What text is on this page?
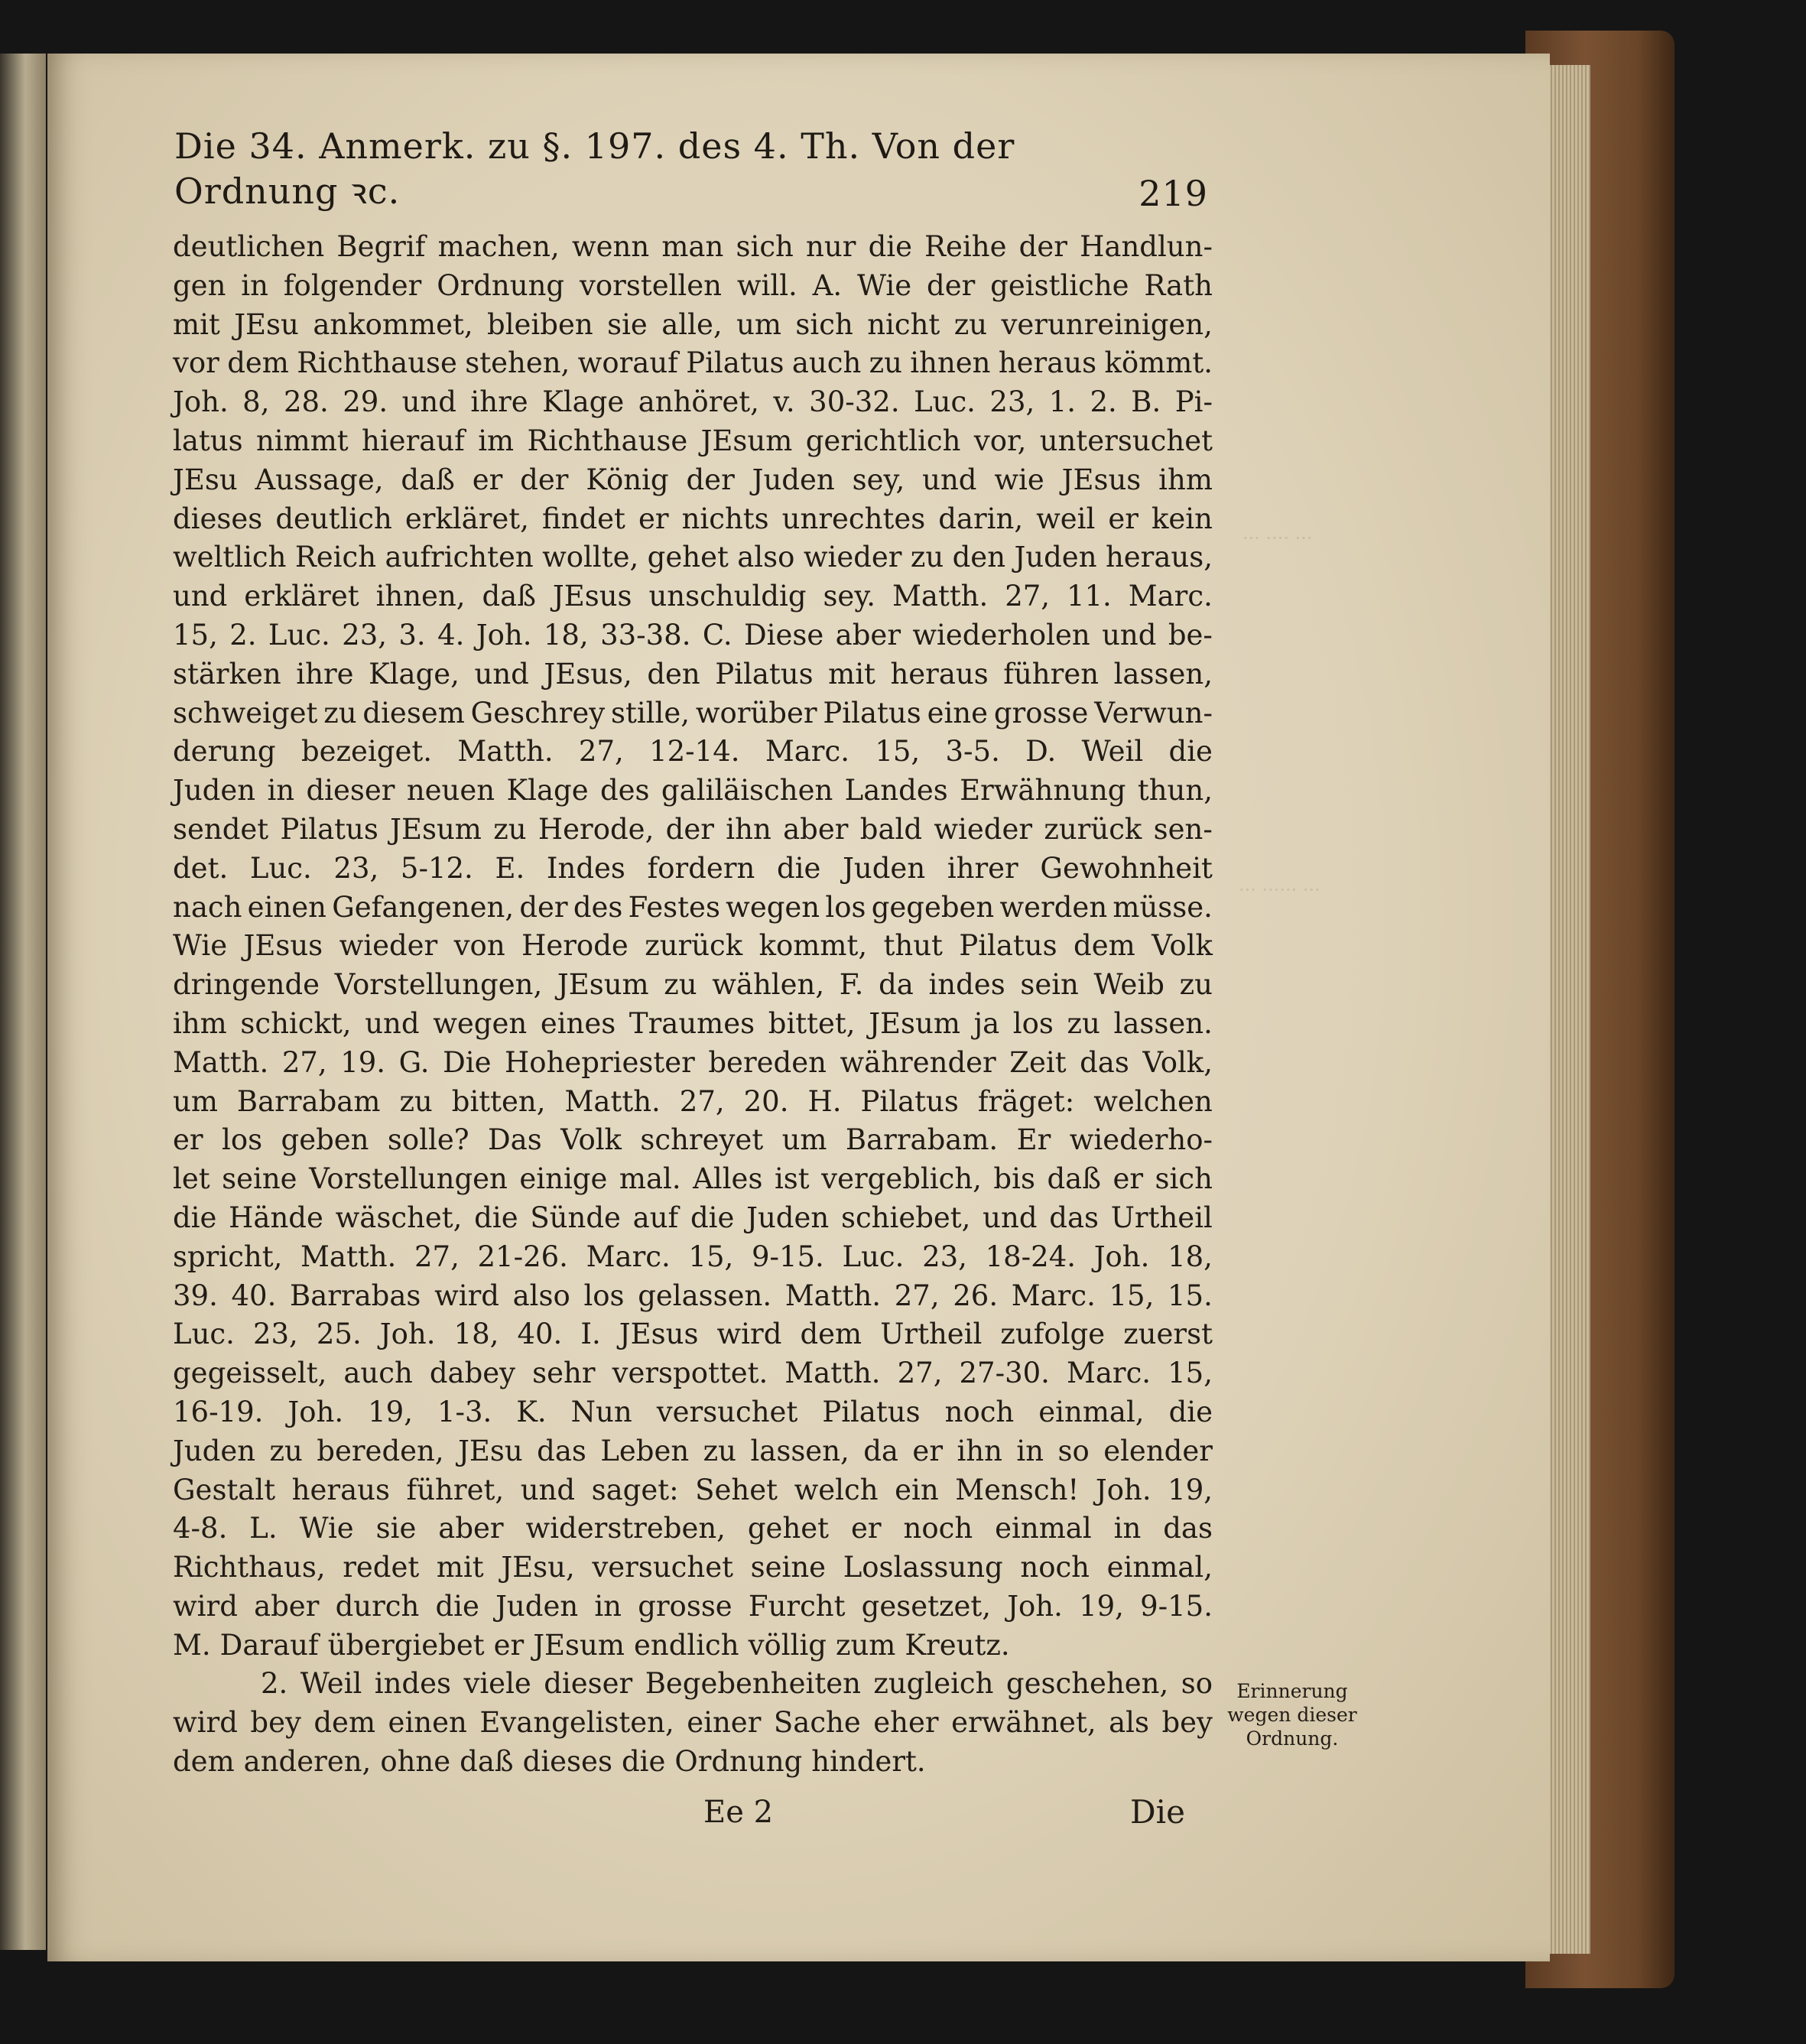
··· ···· ···
··· ······ ···
Die 34. Anmerk. zu §. 197. des 4. Th. Von der Ordnung ꝛc.	219
deutlichen Begrif machen, wenn man sich nur die Reihe der Handlun-
gen in folgender Ordnung vorstellen will. A. Wie der geistliche Rath
mit JEsu ankommet, bleiben sie alle, um sich nicht zu verunreinigen,
vor dem Richthause stehen, worauf Pilatus auch zu ihnen heraus kömmt.
Joh. 8, 28. 29. und ihre Klage anhöret, v. 30-32. Luc. 23, 1. 2. B. Pi-
latus nimmt hierauf im Richthause JEsum gerichtlich vor, untersuchet
JEsu Aussage, daß er der König der Juden sey, und wie JEsus ihm
dieses deutlich erkläret, findet er nichts unrechtes darin, weil er kein
weltlich Reich aufrichten wollte, gehet also wieder zu den Juden heraus,
und erkläret ihnen, daß JEsus unschuldig sey. Matth. 27, 11. Marc.
15, 2. Luc. 23, 3. 4. Joh. 18, 33-38. C. Diese aber wiederholen und be-
stärken ihre Klage, und JEsus, den Pilatus mit heraus führen lassen,
schweiget zu diesem Geschrey stille, worüber Pilatus eine grosse Verwun-
derung bezeiget. Matth. 27, 12-14. Marc. 15, 3-5. D. Weil die
Juden in dieser neuen Klage des galiläischen Landes Erwähnung thun,
sendet Pilatus JEsum zu Herode, der ihn aber bald wieder zurück sen-
det. Luc. 23, 5-12. E. Indes fordern die Juden ihrer Gewohnheit
nach einen Gefangenen, der des Festes wegen los gegeben werden müsse.
Wie JEsus wieder von Herode zurück kommt, thut Pilatus dem Volk
dringende Vorstellungen, JEsum zu wählen, F. da indes sein Weib zu
ihm schickt, und wegen eines Traumes bittet, JEsum ja los zu lassen.
Matth. 27, 19. G. Die Hohepriester bereden währender Zeit das Volk,
um Barrabam zu bitten, Matth. 27, 20. H. Pilatus fräget: welchen
er los geben solle? Das Volk schreyet um Barrabam. Er wiederho-
let seine Vorstellungen einige mal. Alles ist vergeblich, bis daß er sich
die Hände wäschet, die Sünde auf die Juden schiebet, und das Urtheil
spricht, Matth. 27, 21-26. Marc. 15, 9-15. Luc. 23, 18-24. Joh. 18,
39. 40. Barrabas wird also los gelassen. Matth. 27, 26. Marc. 15, 15.
Luc. 23, 25. Joh. 18, 40. I. JEsus wird dem Urtheil zufolge zuerst
gegeisselt, auch dabey sehr verspottet. Matth. 27, 27-30. Marc. 15,
16-19. Joh. 19, 1-3. K. Nun versuchet Pilatus noch einmal, die
Juden zu bereden, JEsu das Leben zu lassen, da er ihn in so elender
Gestalt heraus führet, und saget: Sehet welch ein Mensch! Joh. 19,
4-8. L. Wie sie aber widerstreben, gehet er noch einmal in das
Richthaus, redet mit JEsu, versuchet seine Loslassung noch einmal,
wird aber durch die Juden in grosse Furcht gesetzet, Joh. 19, 9-15.
M. Darauf übergiebet er JEsum endlich völlig zum Kreutz.
2. Weil indes viele dieser Begebenheiten zugleich geschehen, so
wird bey dem einen Evangelisten, einer Sache eher erwähnet, als bey
dem anderen, ohne daß dieses die Ordnung hindert.
Erinnerung
wegen dieser
Ordnung.
Ee 2	Die
